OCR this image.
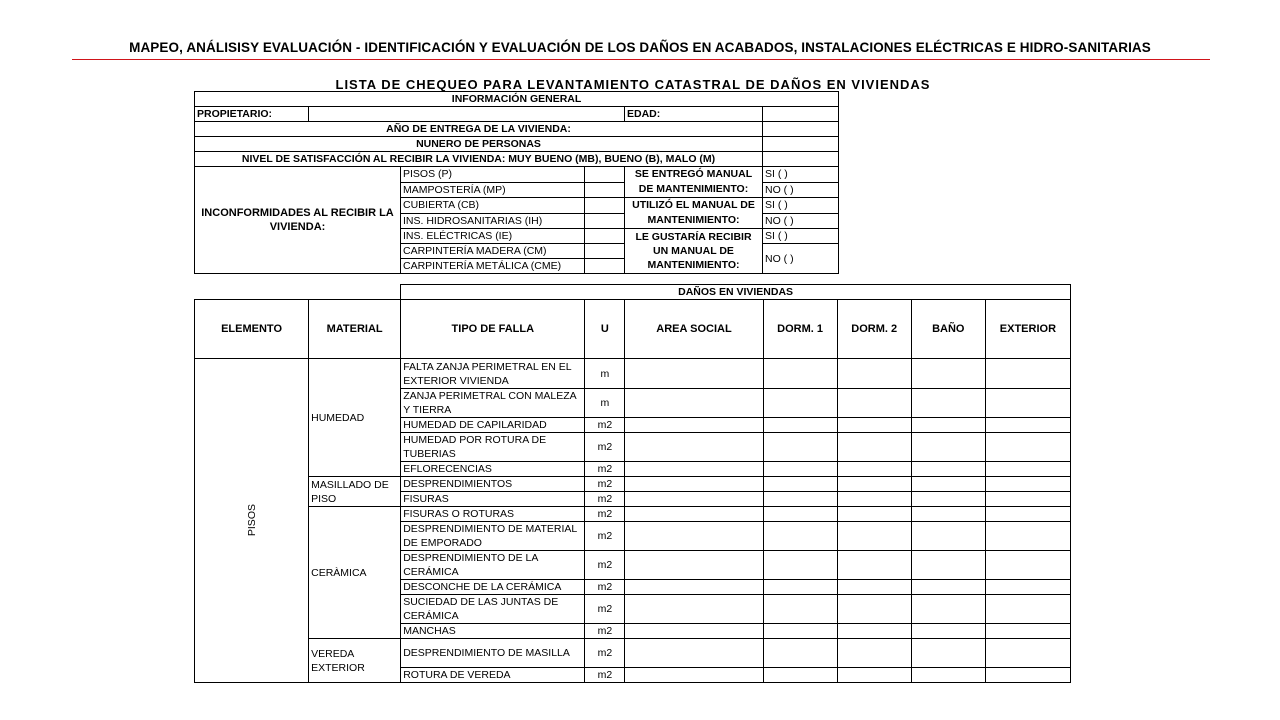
MAPEO, ANÁLISISY EVALUACIÓN - IDENTIFICACIÓN Y EVALUACIÓN DE LOS DAÑOS EN ACABADOS, INSTALACIONES ELÉCTRICAS E HIDRO-SANITARIAS
LISTA DE CHEQUEO PARA LEVANTAMIENTO CATASTRAL DE DAÑOS EN VIVIENDAS
INFORMACIÓN GENERAL					
PROPIETARIO:				EDAD:	
AÑO DE ENTREGA DE LA VIVIENDA:					
NUNERO DE PERSONAS					
NIVEL DE SATISFACCIÓN AL RECIBIR LA VIVIENDA: MUY BUENO (MB), BUENO (B), MALO (M)					
INCONFORMIDADES AL RECIBIR LA VIVIENDA:		PISOS (P)		SE ENTREGÓ MANUAL DE MANTENIMIENTO:	SI ( )
		MAMPOSTERÍA (MP)			NO ( )
		CUBIERTA (CB)		UTILIZÓ EL MANUAL DE MANTENIMIENTO:	SI ( )
		INS. HIDROSANITARIAS (IH)			NO ( )
		INS. ELÉCTRICAS (IE)		LE GUSTARÍA RECIBIR UN MANUAL DE MANTENIMIENTO:	SI ( )
		CARPINTERÍA MADERA (CM)			NO ( )
		CARPINTERÍA METÁLICA (CME)			
		DAÑOS EN VIVIENDAS						
ELEMENTO	MATERIAL	TIPO DE FALLA	U	AREA SOCIAL	DORM. 1	DORM. 2	BAÑO	EXTERIOR

PISOS	HUMEDAD	FALTA ZANJA PERIMETRAL EN EL EXTERIOR VIVIENDA	m					
		ZANJA PERIMETRAL CON MALEZA Y TIERRA	m					
		HUMEDAD DE CAPILARIDAD	m2					
		HUMEDAD POR ROTURA DE TUBERIAS	m2					
		EFLORECENCIAS	m2					
	MASILLADO DE PISO	DESPRENDIMIENTOS	m2					
		FISURAS	m2					
	CERÀMICA	FISURAS O ROTURAS	m2					
		DESPRENDIMIENTO DE MATERIAL DE EMPORADO	m2					
		DESPRENDIMIENTO DE LA CERÁMICA	m2					
		DESCONCHE DE LA CERÁMICA	m2					
		SUCIEDAD DE LAS JUNTAS DE CERÁMICA	m2					
		MANCHAS	m2					
	VEREDA EXTERIOR	DESPRENDIMIENTO DE MASILLA	m2					
		ROTURA DE VEREDA	m2					
